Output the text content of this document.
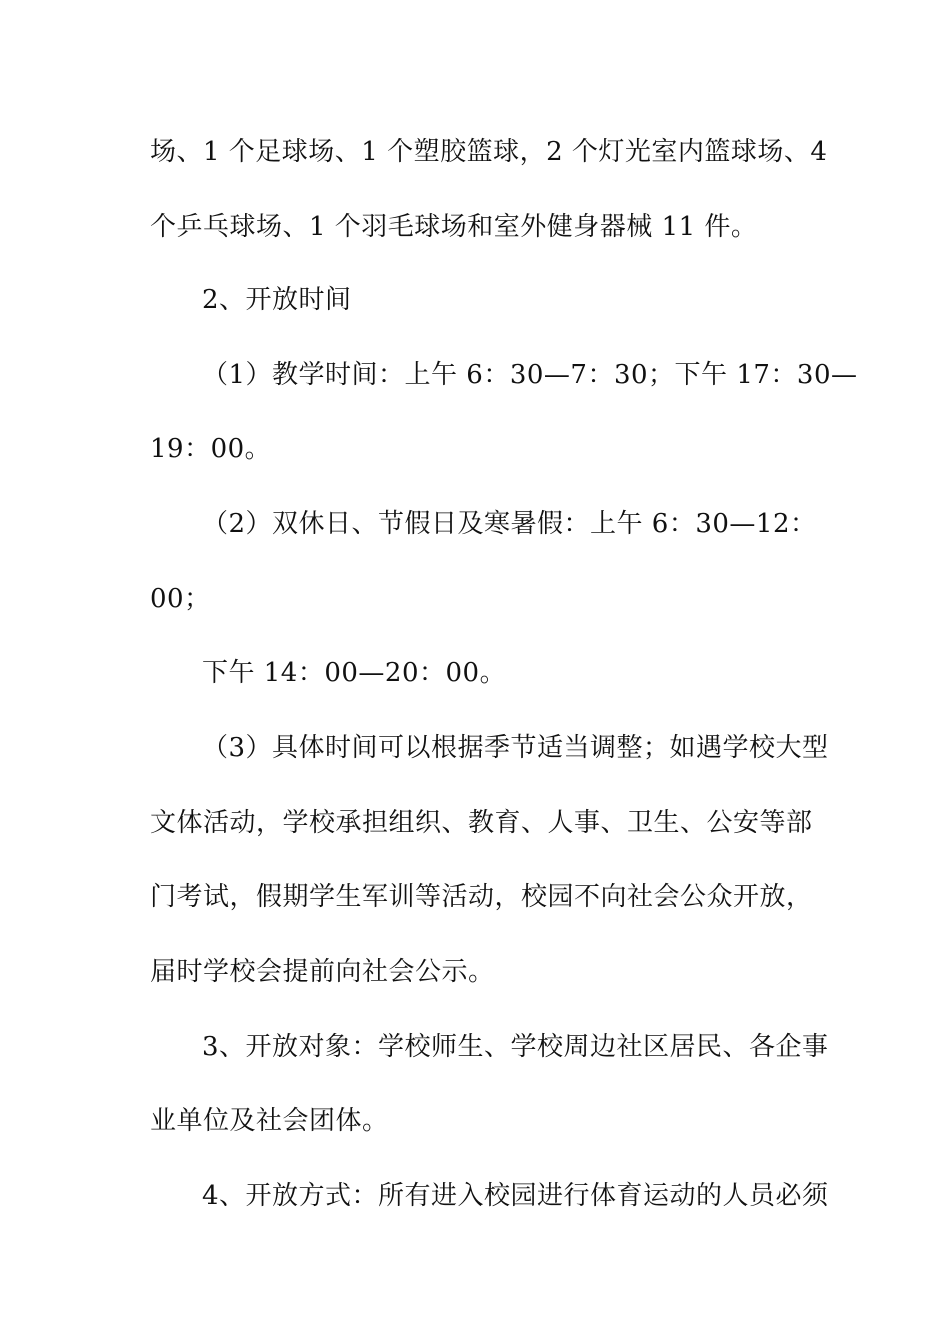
场、1 个足球场、1 个塑胶篮球，2 个灯光室内篮球场、4

个乒乓球场、1 个羽毛球场和室外健身器械 11 件。

2、开放时间

（1）教学时间：上午 6：30—7：30；下午 17：30—

19：00。

（2）双休日、节假日及寒暑假：上午 6：30—12：

00；

下午 14：00—20：00。

（3）具体时间可以根据季节适当调整；如遇学校大型

文体活动，学校承担组织、教育、人事、卫生、公安等部

门考试，假期学生军训等活动，校园不向社会公众开放，

届时学校会提前向社会公示。

3、开放对象：学校师生、学校周边社区居民、各企事

业单位及社会团体。

4、开放方式：所有进入校园进行体育运动的人员必须
